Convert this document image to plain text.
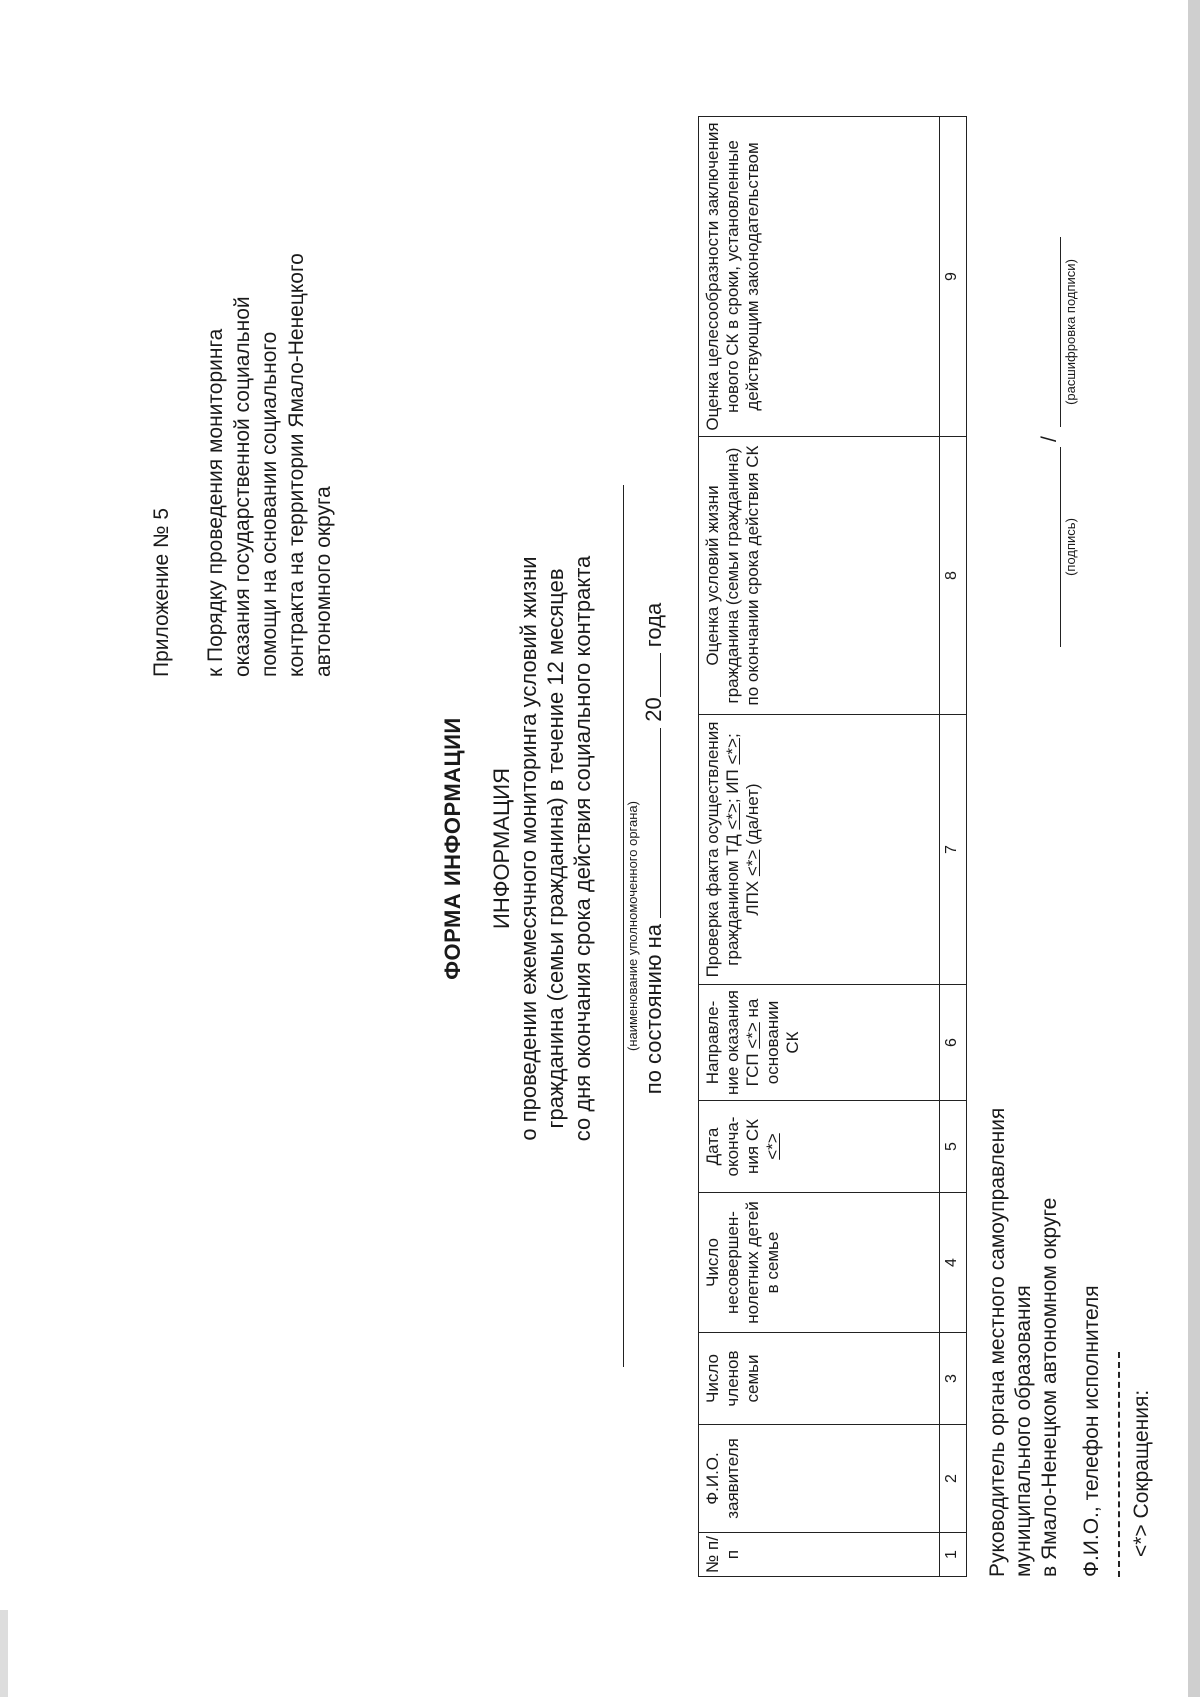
Приложение № 5 к Порядку проведения мониторинга оказания государственной социальной помощи на основании социального контракта на территории Ямало-Ненецкого автономного округа
ФОРМА ИНФОРМАЦИИ ИНФОРМАЦИЯ о проведении ежемесячного мониторинга условий жизни гражданина (семьи гражданина) в течение 12 месяцев со дня окончания срока действия социального контракта (наименование уполномоченного органа) по состоянию на  20 года
№ п/п	Ф.И.О. заявителя	Число членов семьи	Число несовершен-нолетних детей в семье	Дата оконча-ния СК <*>	Направле-ние оказания ГСП <*> на основании СК	Проверка факта осуществления гражданином ТД <*>; ИП <*>; ЛПХ <*> (да/нет)	Оценка условий жизни гражданина (семьи гражданина) по окончании срока действия СК	Оценка целесообразности заключения нового СК в сроки, установленные действующим законодательством
1	2	3	4	5	6	7	8	9
Руководитель органа местного самоуправления муниципального образования в Ямало-Ненецком автономном округе
/
(подпись)
(расшифровка подписи)
Ф.И.О., телефон исполнителя <*> Сокращения:
